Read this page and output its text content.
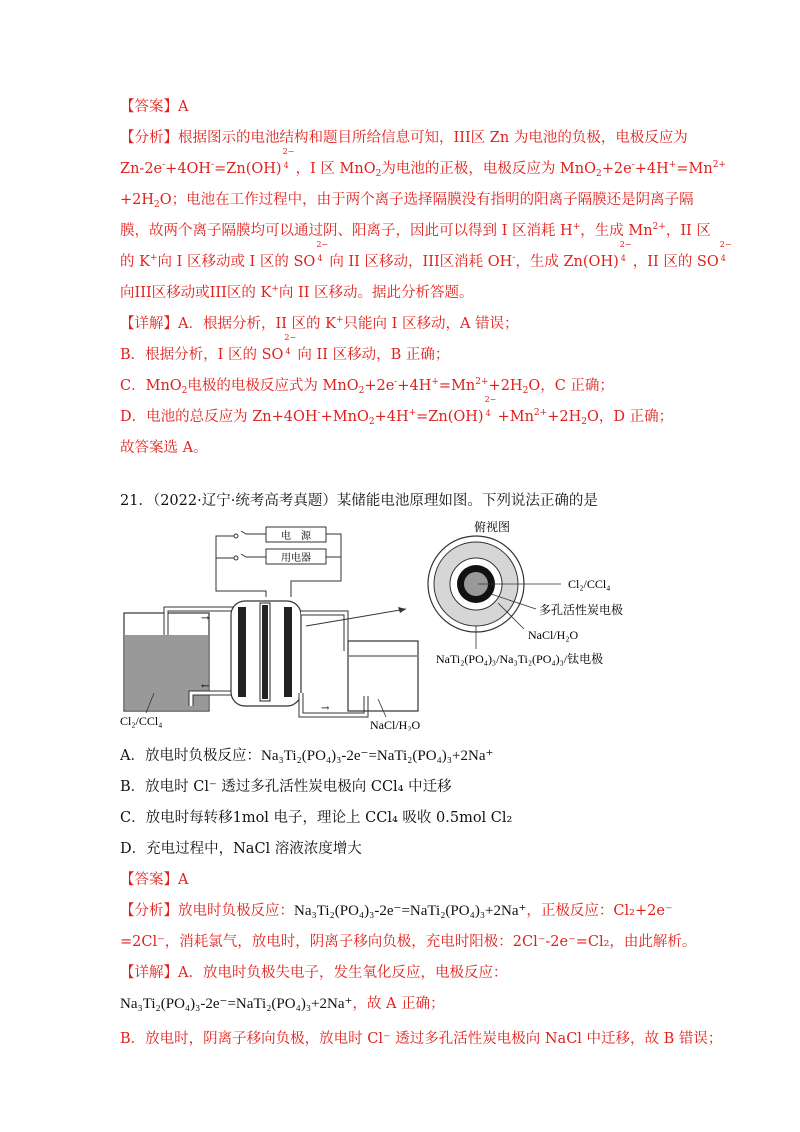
【答案】A
【分析】根据图示的电池结构和题目所给信息可知，III区 Zn 为电池的负极，电极反应为
Zn-2e-+4OH-=Zn(OH)
2−
4 ，I 区 MnO$_2$为电池的正极，电极反应为 $MnO_2+2e^-+4H^+=Mn^{2+}$
$+2H_2O$；电池在工作过程中，由于两个离子选择隔膜没有指明的阳离子隔膜还是阴离子隔
膜，故两个离子隔膜均可以通过阴、阳离子，因此可以得到 I 区消耗 H+，生成 $Mn^{2+}$，II 区
的 K+向 I 区移动或 I 区的 SO
2−
4 向 II 区移动，III区消耗 OH-，生成 Zn(OH)
2−
4 ，II 区的 SO
2−
4
向III区移动或III区的 K+向 II 区移动。据此分析答题。
【详解】A．根据分析，II 区的 K+只能向 I 区移动，A 错误；
B．根据分析，I 区的 SO
2−
4 向 II 区移动，B 正确；
C．MnO$_2$电极的电极反应式为 $MnO_2+2e^-+4H^+=Mn^{2+}+2H_2O$，C 正确；
D．电池的总反应为 Zn+4OH-+MnO$_2$+4H+=Zn(OH)
2−
$4 +Mn^{2+}+2H_2O$，D 正确；
故答案选 A。
21．（2022·辽宁·统考高考真题）某储能电池原理如图。下列说法正确的是
电　源
用电器
→
←
→
俯视图
Cl₂/CCl₄
多孔活性炭电极
NaCl/H₂O
NaTi₂(PO₄)₃/Na₃Ti₂(PO₄)₃/钛电极
Cl₂/CCl₄	NaCl/H₂O
A．放电时负极反应：Na₃Ti₂(PO₄)₃-2e⁻=NaTi₂(PO₄)₃+2Na⁺
B．放电时 Cl⁻ 透过多孔活性炭电极向 CCl₄ 中迁移
C．放电时每转移1mol 电子，理论上 CCl₄ 吸收 0.5mol Cl₂
D．充电过程中，NaCl 溶液浓度增大
【答案】A
【分析】放电时负极反应：Na₃Ti₂(PO₄)₃-2e⁻=NaTi₂(PO₄)₃+2Na⁺，正极反应：Cl₂+2e⁻
=2Cl⁻，消耗氯气，放电时，阴离子移向负极，充电时阳极：2Cl⁻-2e⁻=Cl₂，由此解析。
【详解】A．放电时负极失电子，发生氧化反应，电极反应：
Na₃Ti₂(PO₄)₃-2e⁻=NaTi₂(PO₄)₃+2Na⁺，故 A 正确；
B．放电时，阴离子移向负极，放电时 Cl⁻ 透过多孔活性炭电极向 NaCl 中迁移，故 B 错误；
